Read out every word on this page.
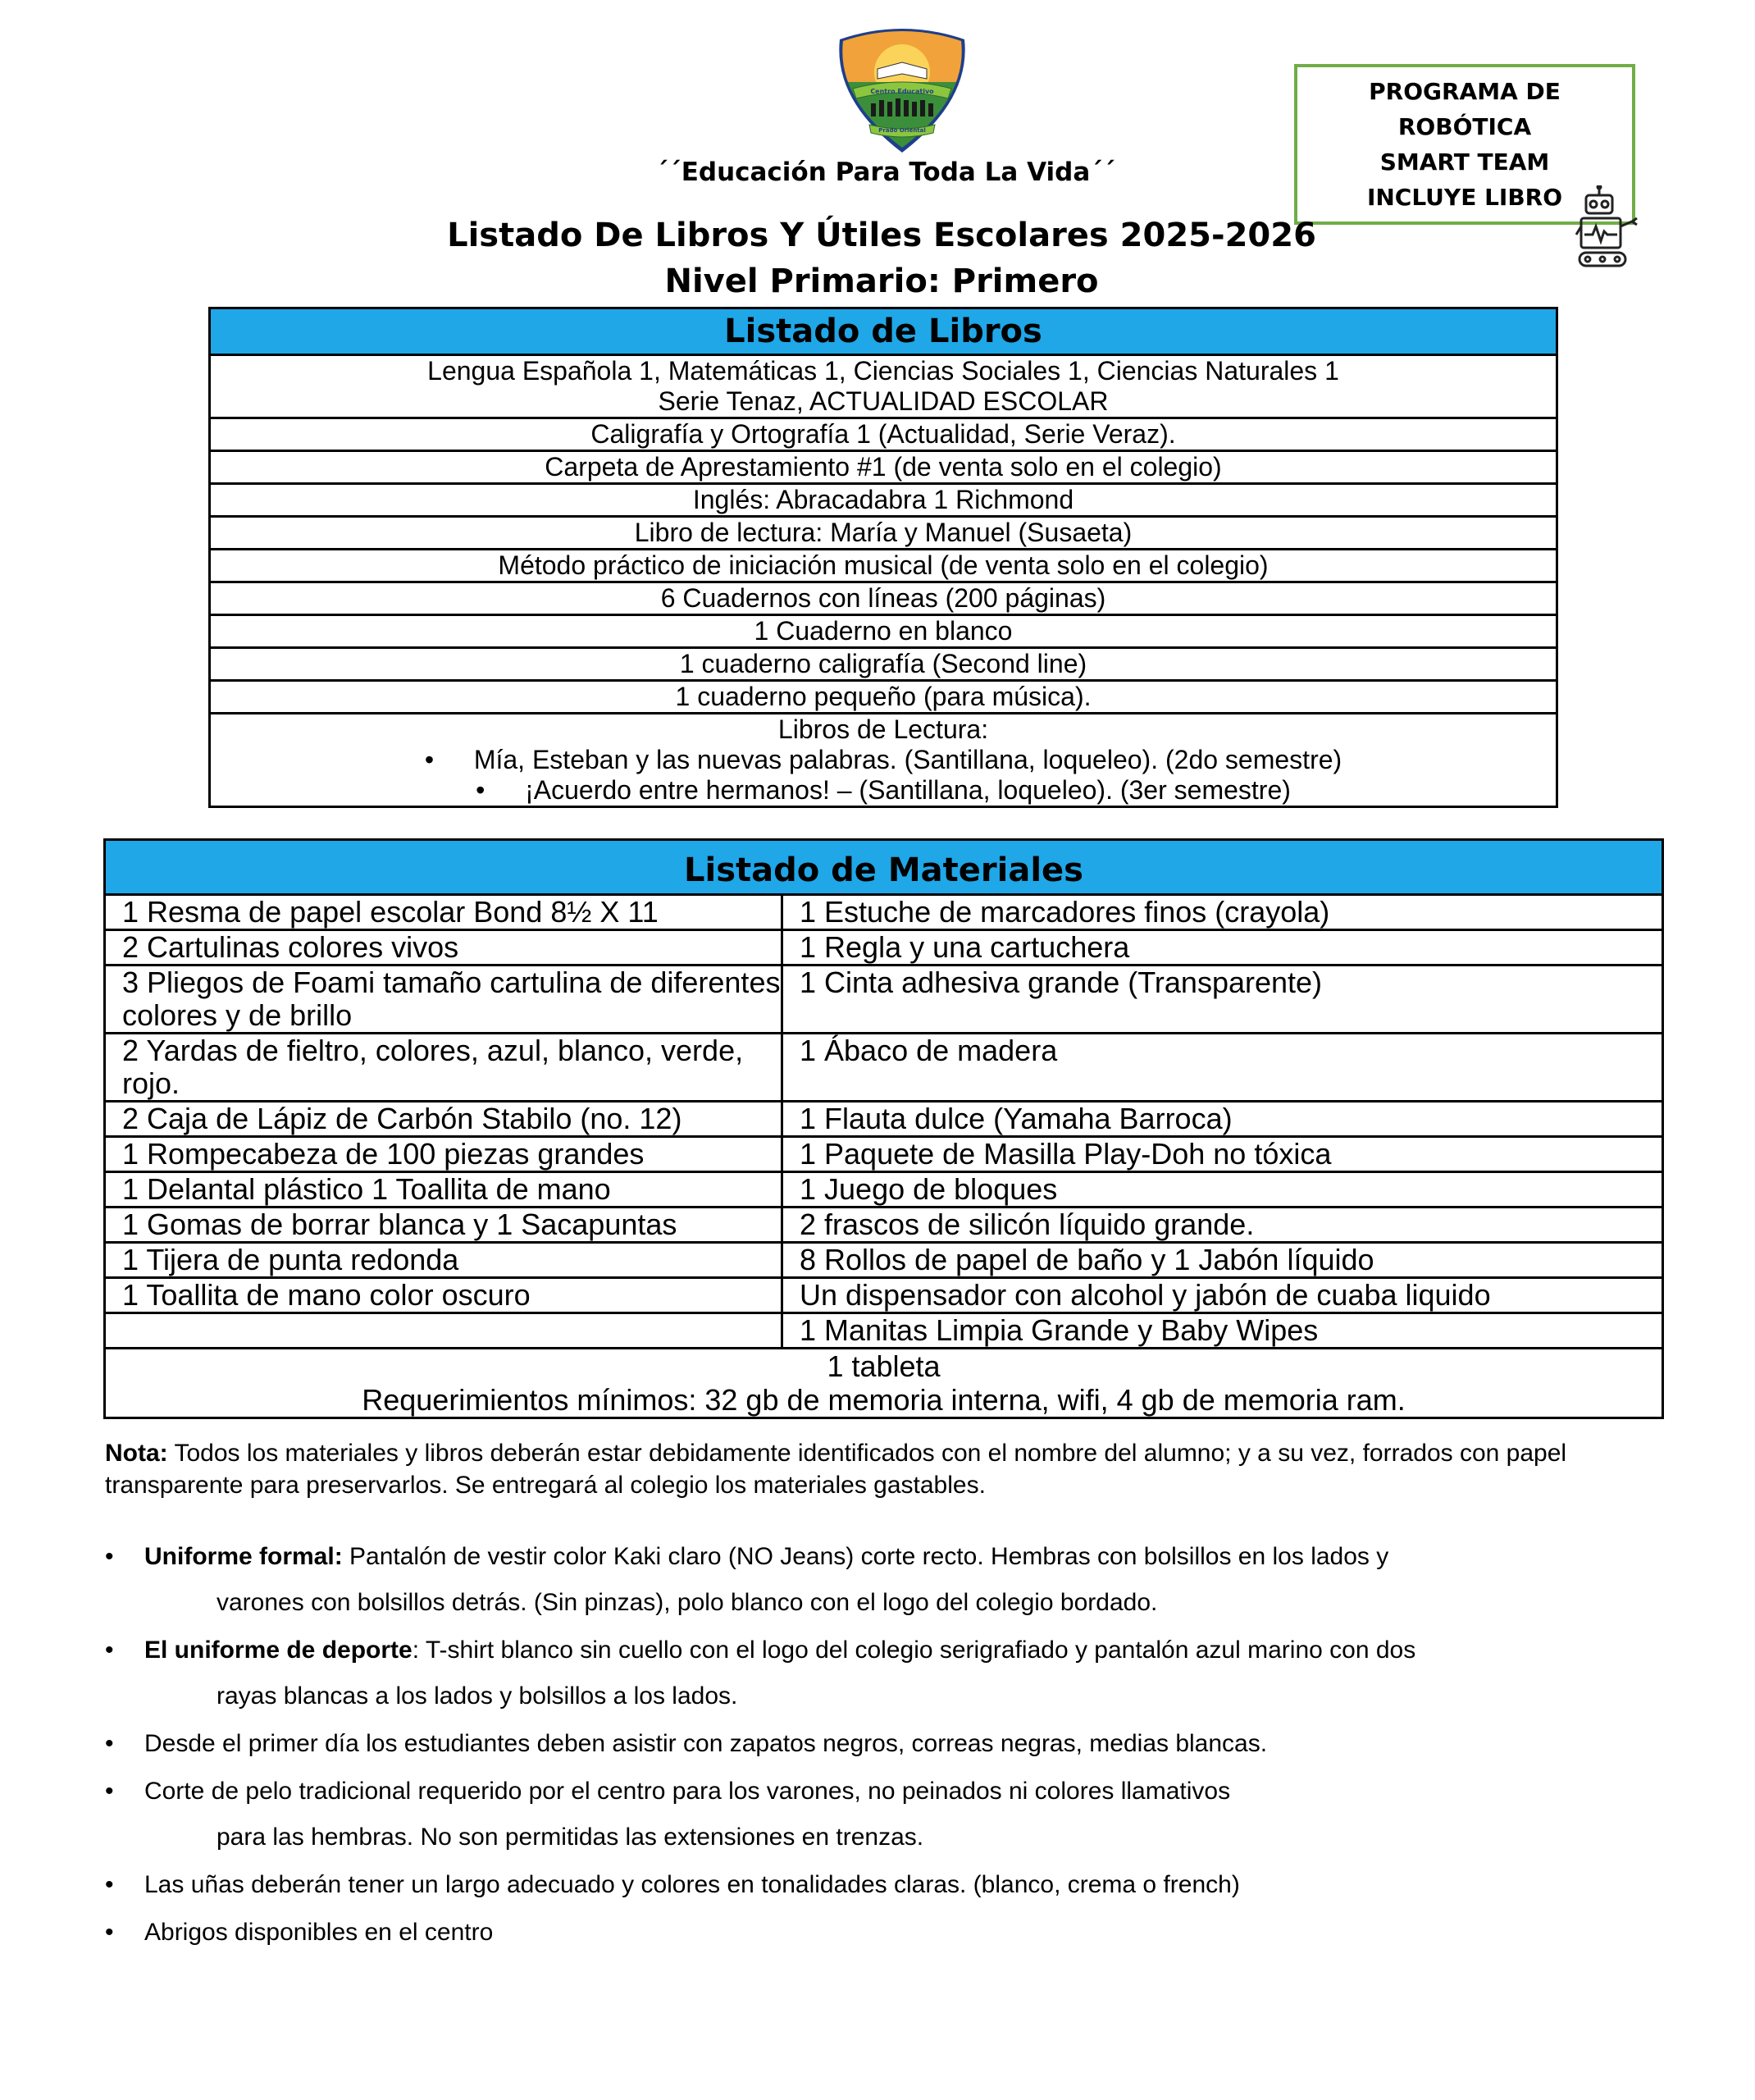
Centro Educativo
Prado Oriental
´´Educación Para Toda La Vida´´
PROGRAMA DE
ROBÓTICA
SMART TEAM
INCLUYE LIBRO
Listado De Libros Y Útiles Escolares 2025-2026
Nivel Primario: Primero
Listado de Libros

Lengua Española 1, Matemáticas 1, Ciencias Sociales 1, Ciencias Naturales 1
Serie Tenaz, ACTUALIDAD ESCOLAR

Caligrafía y Ortografía 1 (Actualidad, Serie Veraz).
Carpeta de Aprestamiento #1 (de venta solo en el colegio)
Inglés: Abracadabra 1 Richmond
Libro de lectura: María y Manuel (Susaeta)
Método práctico de iniciación musical (de venta solo en el colegio)
6 Cuadernos con líneas (200 páginas)
1 Cuaderno en blanco
1 cuaderno caligrafía (Second line)
1 cuaderno pequeño (para música).

Libros de Lectura:
• Mía, Esteban y las nuevas palabras. (Santillana, loqueleo). (2do semestre)
• ¡Acuerdo entre hermanos! – (Santillana, loqueleo). (3er semestre)
Listado de Materiales	
1 Resma de papel escolar Bond 8½ X 11	1 Estuche de marcadores finos (crayola)
2 Cartulinas colores vivos	1 Regla y una cartuchera
3 Pliegos de Foami tamaño cartulina de diferentes colores y de brillo	1 Cinta adhesiva grande (Transparente)
2 Yardas de fieltro, colores, azul, blanco, verde, rojo.	1 Ábaco de madera
2 Caja de Lápiz de Carbón Stabilo (no. 12)	1 Flauta dulce (Yamaha Barroca)
1 Rompecabeza de 100 piezas grandes	1 Paquete de Masilla Play-Doh no tóxica
1 Delantal plástico 1 Toallita de mano	1 Juego de bloques
1 Gomas de borrar blanca y 1 Sacapuntas	2 frascos de silicón líquido grande.
1 Tijera de punta redonda	8 Rollos de papel de baño y 1 Jabón líquido
1 Toallita de mano color oscuro	Un dispensador con alcohol y jabón de cuaba liquido
	1 Manitas Limpia Grande y Baby Wipes

1 tableta
Requerimientos mínimos: 32 gb de memoria interna, wifi, 4 gb de memoria ram.	
Nota: Todos los materiales y libros deberán estar debidamente identificados con el nombre del alumno; y a su vez, forrados con papel transparente para preservarlos. Se entregará al colegio los materiales gastables.
• Uniforme formal: Pantalón de vestir color Kaki claro (NO Jeans) corte recto. Hembras con bolsillos en los lados y
varones con bolsillos detrás. (Sin pinzas), polo blanco con el logo del colegio bordado.
• El uniforme de deporte: T-shirt blanco sin cuello con el logo del colegio serigrafiado y pantalón azul marino con dos
rayas blancas a los lados y bolsillos a los lados.
• Desde el primer día los estudiantes deben asistir con zapatos negros, correas negras, medias blancas.
• Corte de pelo tradicional requerido por el centro para los varones, no peinados ni colores llamativos
para las hembras. No son permitidas las extensiones en trenzas.
• Las uñas deberán tener un largo adecuado y colores en tonalidades claras. (blanco, crema o french)
• Abrigos disponibles en el centro
